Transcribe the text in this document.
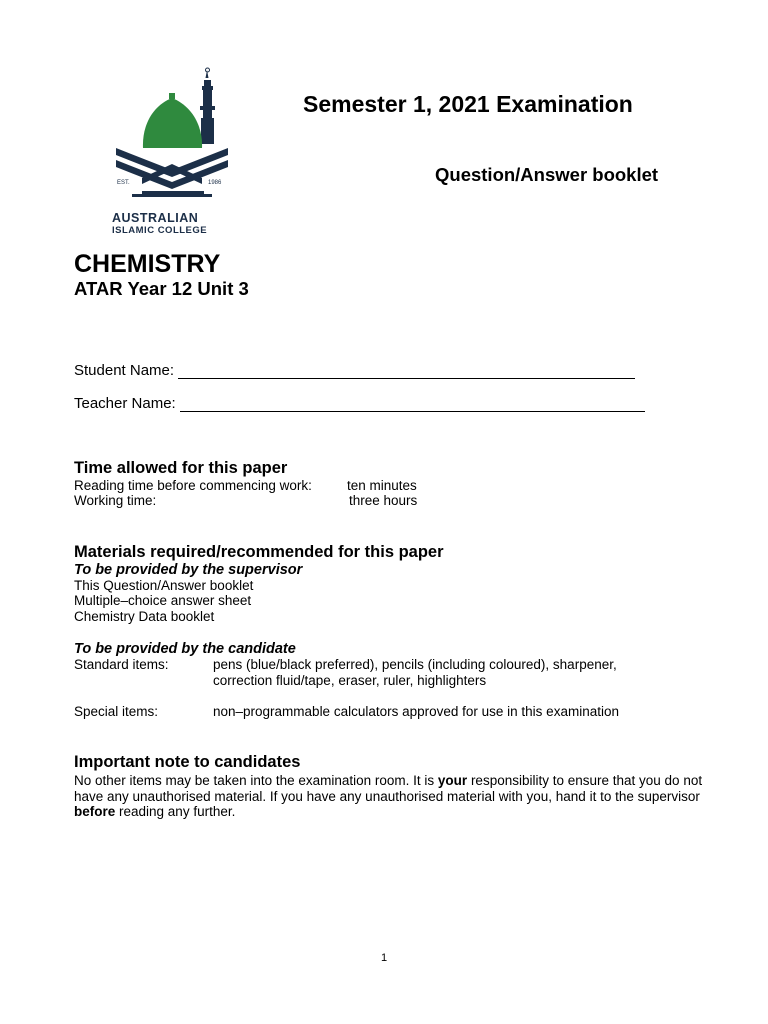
EST.	1986
AUSTRALIAN
ISLAMIC COLLEGE
Semester 1, 2021 Examination
Question/Answer booklet
CHEMISTRY
ATAR Year 12 Unit 3
Student Name:
Teacher Name:
Time allowed for this paper
Reading time before commencing work:	ten minutes
Working time:	three hours
Materials required/recommended for this paper
To be provided by the supervisor
This Question/Answer booklet
Multiple–choice answer sheet
Chemistry Data booklet
To be provided by the candidate
Standard items:	pens (blue/black preferred), pencils (including coloured), sharpener,
correction fluid/tape, eraser, ruler, highlighters
Special items:	non–programmable calculators approved for use in this examination
Important note to candidates
No other items may be taken into the examination room. It is your responsibility to ensure that you do not have any unauthorised material. If you have any unauthorised material with you, hand it to the supervisor before reading any further.
1
